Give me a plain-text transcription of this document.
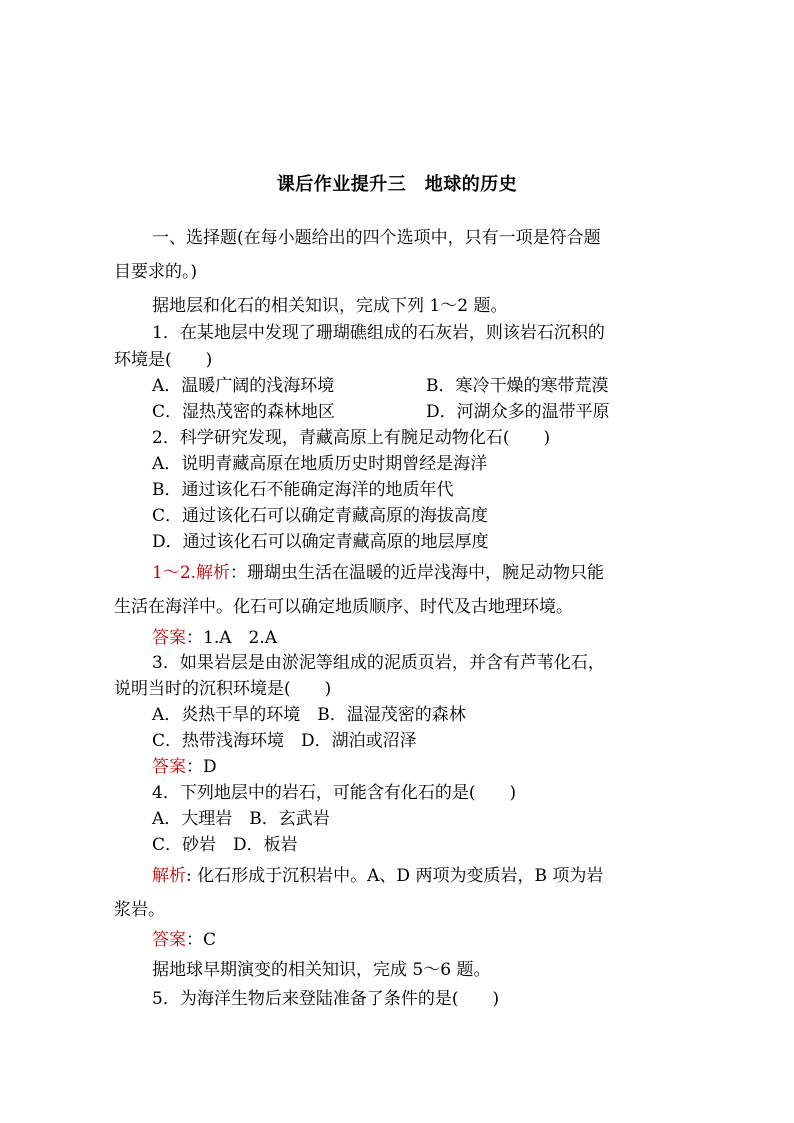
课后作业提升三　地球的历史
一、选择题(在每小题给出的四个选项中，只有一项是符合题
目要求的。)
据地层和化石的相关知识，完成下列 1～2 题。
1．在某地层中发现了珊瑚礁组成的石灰岩，则该岩石沉积的
环境是(　　)
A．温暖广阔的浅海环境	B．寒冷干燥的寒带荒漠
C．湿热茂密的森林地区	D．河湖众多的温带平原
2．科学研究发现，青藏高原上有腕足动物化石(　　)
A．说明青藏高原在地质历史时期曾经是海洋
B．通过该化石不能确定海洋的地质年代
C．通过该化石可以确定青藏高原的海拔高度
D．通过该化石可以确定青藏高原的地层厚度
1～2.解析：珊瑚虫生活在温暖的近岸浅海中，腕足动物只能
生活在海洋中。化石可以确定地质顺序、时代及古地理环境。
答案：1.A　2.A
3．如果岩层是由淤泥等组成的泥质页岩，并含有芦苇化石，
说明当时的沉积环境是(　　)
A．炎热干旱的环境　B．温湿茂密的森林
C．热带浅海环境　D．湖泊或沼泽
答案：D
4．下列地层中的岩石，可能含有化石的是(　　)
A．大理岩　B．玄武岩
C．砂岩　D．板岩
解析: 化石形成于沉积岩中。A、D 两项为变质岩，B 项为岩
浆岩。
答案：C
据地球早期演变的相关知识，完成 5～6 题。
5．为海洋生物后来登陆准备了条件的是(　　)
